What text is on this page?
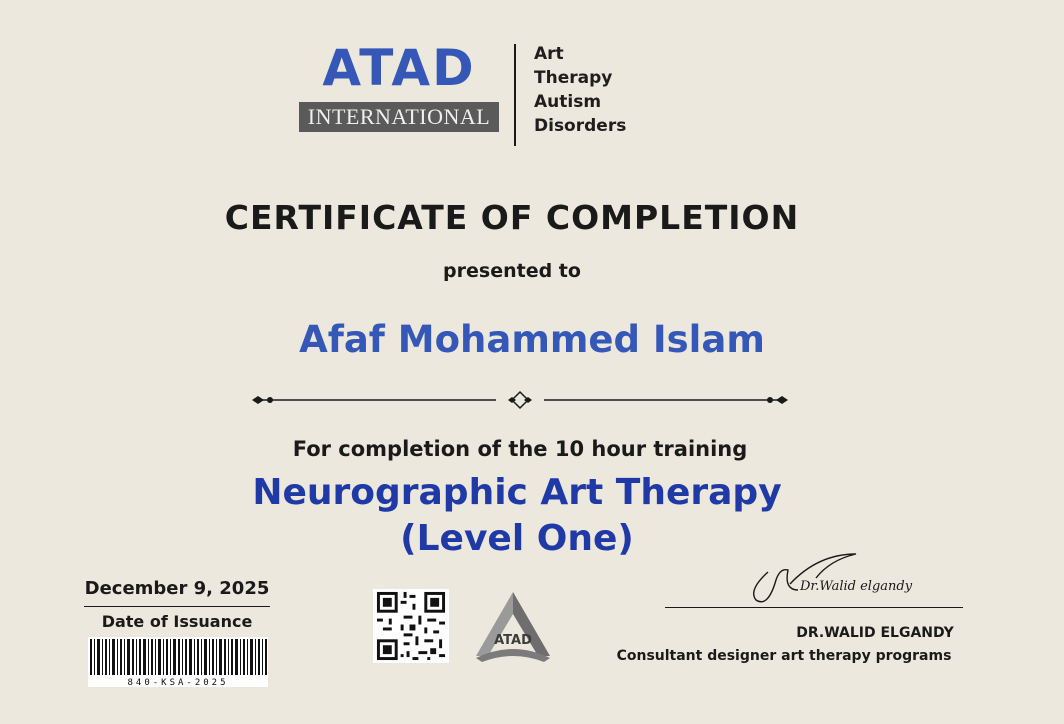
ATAD
INTERNATIONAL
Art
Therapy
Autism
Disorders
CERTIFICATE OF COMPLETION
presented to
Afaf Mohammed Islam
For completion of the 10 hour training
Neurographic Art Therapy
(Level One)
December 9, 2025
Date of Issuance
840-KSA-2025
ATAD
Dr.Walid elgandy
DR.WALID ELGANDY
Consultant designer art therapy programs
